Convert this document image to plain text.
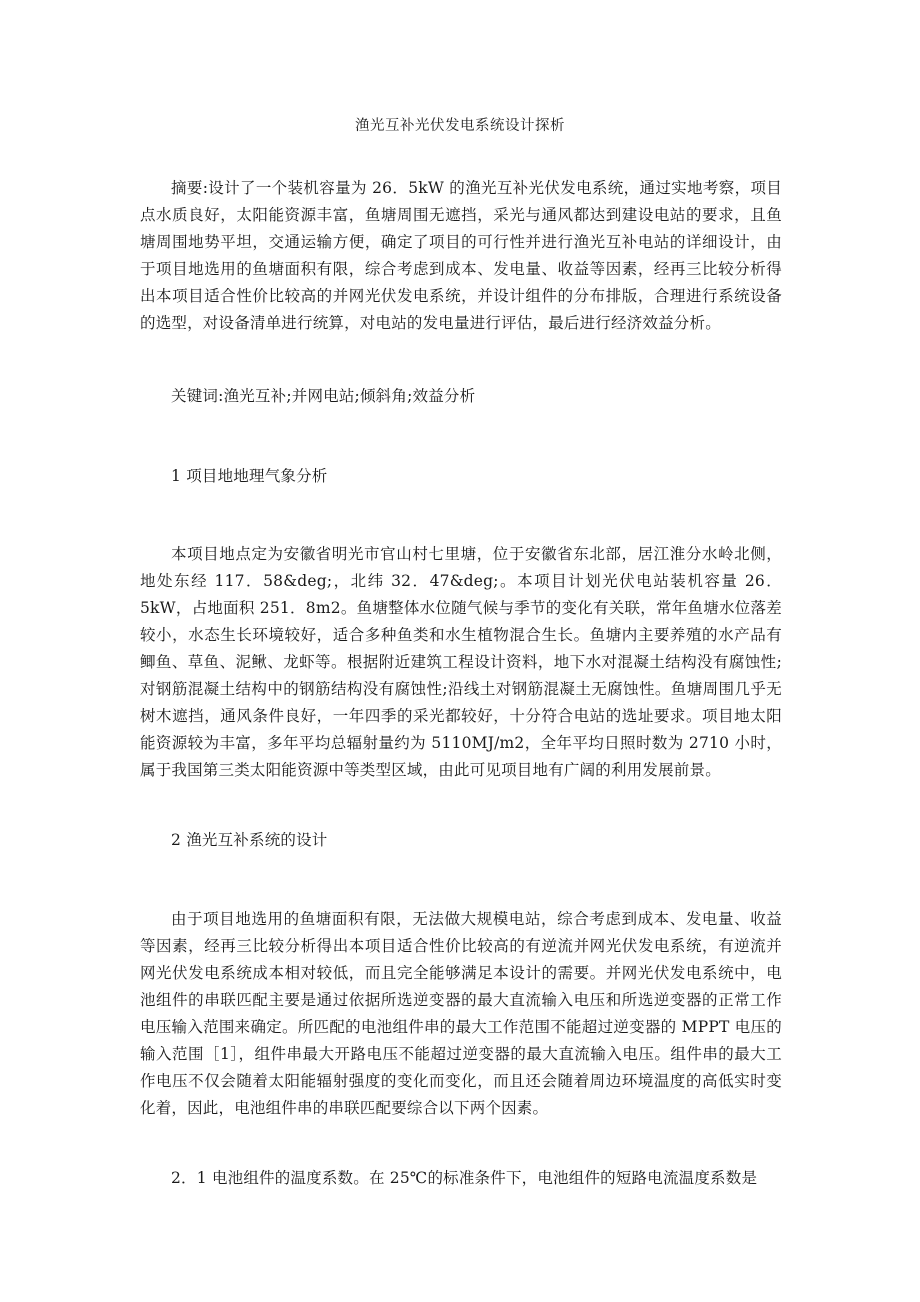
渔光互补光伏发电系统设计探析

摘要:设计了一个装机容量为 26．5kW 的渔光互补光伏发电系统，通过实地考察，项目点水质良好，太阳能资源丰富，鱼塘周围无遮挡，采光与通风都达到建设电站的要求，且鱼塘周围地势平坦，交通运输方便，确定了项目的可行性并进行渔光互补电站的详细设计，由于项目地选用的鱼塘面积有限，综合考虑到成本、发电量、收益等因素，经再三比较分析得出本项目适合性价比较高的并网光伏发电系统，并设计组件的分布排版，合理进行系统设备的选型，对设备清单进行统算，对电站的发电量进行评估，最后进行经济效益分析。

关键词:渔光互补;并网电站;倾斜角;效益分析

1 项目地地理气象分析

本项目地点定为安徽省明光市官山村七里塘，位于安徽省东北部，居江淮分水岭北侧，地处东经 117．58&deg;，北纬 32．47&deg;。本项目计划光伏电站装机容量 26．5kW，占地面积 251．8m2。鱼塘整体水位随气候与季节的变化有关联，常年鱼塘水位落差较小，水态生长环境较好，适合多种鱼类和水生植物混合生长。鱼塘内主要养殖的水产品有鲫鱼、草鱼、泥鳅、龙虾等。根据附近建筑工程设计资料，地下水对混凝土结构没有腐蚀性;对钢筋混凝土结构中的钢筋结构没有腐蚀性;沿线土对钢筋混凝土无腐蚀性。鱼塘周围几乎无树木遮挡，通风条件良好，一年四季的采光都较好，十分符合电站的选址要求。项目地太阳能资源较为丰富，多年平均总辐射量约为 5110MJ/m2，全年平均日照时数为 2710 小时，属于我国第三类太阳能资源中等类型区域，由此可见项目地有广阔的利用发展前景。

2 渔光互补系统的设计

由于项目地选用的鱼塘面积有限，无法做大规模电站，综合考虑到成本、发电量、收益等因素，经再三比较分析得出本项目适合性价比较高的有逆流并网光伏发电系统，有逆流并网光伏发电系统成本相对较低，而且完全能够满足本设计的需要。并网光伏发电系统中，电池组件的串联匹配主要是通过依据所选逆变器的最大直流输入电压和所选逆变器的正常工作电压输入范围来确定。所匹配的电池组件串的最大工作范围不能超过逆变器的 MPPT 电压的输入范围［1］，组件串最大开路电压不能超过逆变器的最大直流输入电压。组件串的最大工作电压不仅会随着太阳能辐射强度的变化而变化，而且还会随着周边环境温度的高低实时变化着，因此，电池组件串的串联匹配要综合以下两个因素。

2．1 电池组件的温度系数。在 25℃的标准条件下，电池组件的短路电流温度系数是
